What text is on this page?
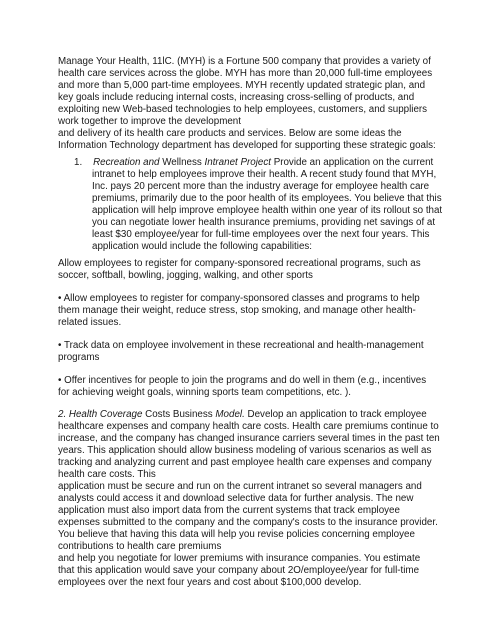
Manage Your Health, 11lC. (MYH) is a Fortune 500 company that provides a variety of
health care services across the globe. MYH has more than 20,000 full-time employees
and more than 5,000 part-time employees. MYH recently updated strategic plan, and
key goals include reducing internal costs, increasing cross-selling of products, and
exploiting new Web-based technologies to help employees, customers, and suppliers
work together to improve the development
and delivery of its health care products and services. Below are some ideas the
Information Technology department has developed for supporting these strategic goals:
1. Recreation and Wellness Intranet Project Provide an application on the current
intranet to help employees improve their health. A recent study found that MYH,
Inc. pays 20 percent more than the industry average for employee health care
premiums, primarily due to the poor health of its employees. You believe that this
application will help improve employee health within one year of its rollout so that
you can negotiate lower health insurance premiums, providing net savings of at
least $30 employee/year for full-time employees over the next four years. This
application would include the following capabilities:
Allow employees to register for company-sponsored recreational programs, such as
soccer, softball, bowling, jogging, walking, and other sports
• Allow employees to register for company-sponsored classes and programs to help
them manage their weight, reduce stress, stop smoking, and manage other health-
related issues.
• Track data on employee involvement in these recreational and health-management
programs
• Offer incentives for people to join the programs and do well in them (e.g., incentives
for achieving weight goals, winning sports team competitions, etc. ).
2. Health Coverage Costs Business Model. Develop an application to track employee
healthcare expenses and company health care costs. Health care premiums continue to
increase, and the company has changed insurance carriers several times in the past ten
years. This application should allow business modeling of various scenarios as well as
tracking and analyzing current and past employee health care expenses and company
health care costs. This
application must be secure and run on the current intranet so several managers and
analysts could access it and download selective data for further analysis. The new
application must also import data from the current systems that track employee
expenses submitted to the company and the company's costs to the insurance provider.
You believe that having this data will help you revise policies concerning employee
contributions to health care premiums
and help you negotiate for lower premiums with insurance companies. You estimate
that this application would save your company about 2O/employee/year for full-time
employees over the next four years and cost about $100,000 develop.
